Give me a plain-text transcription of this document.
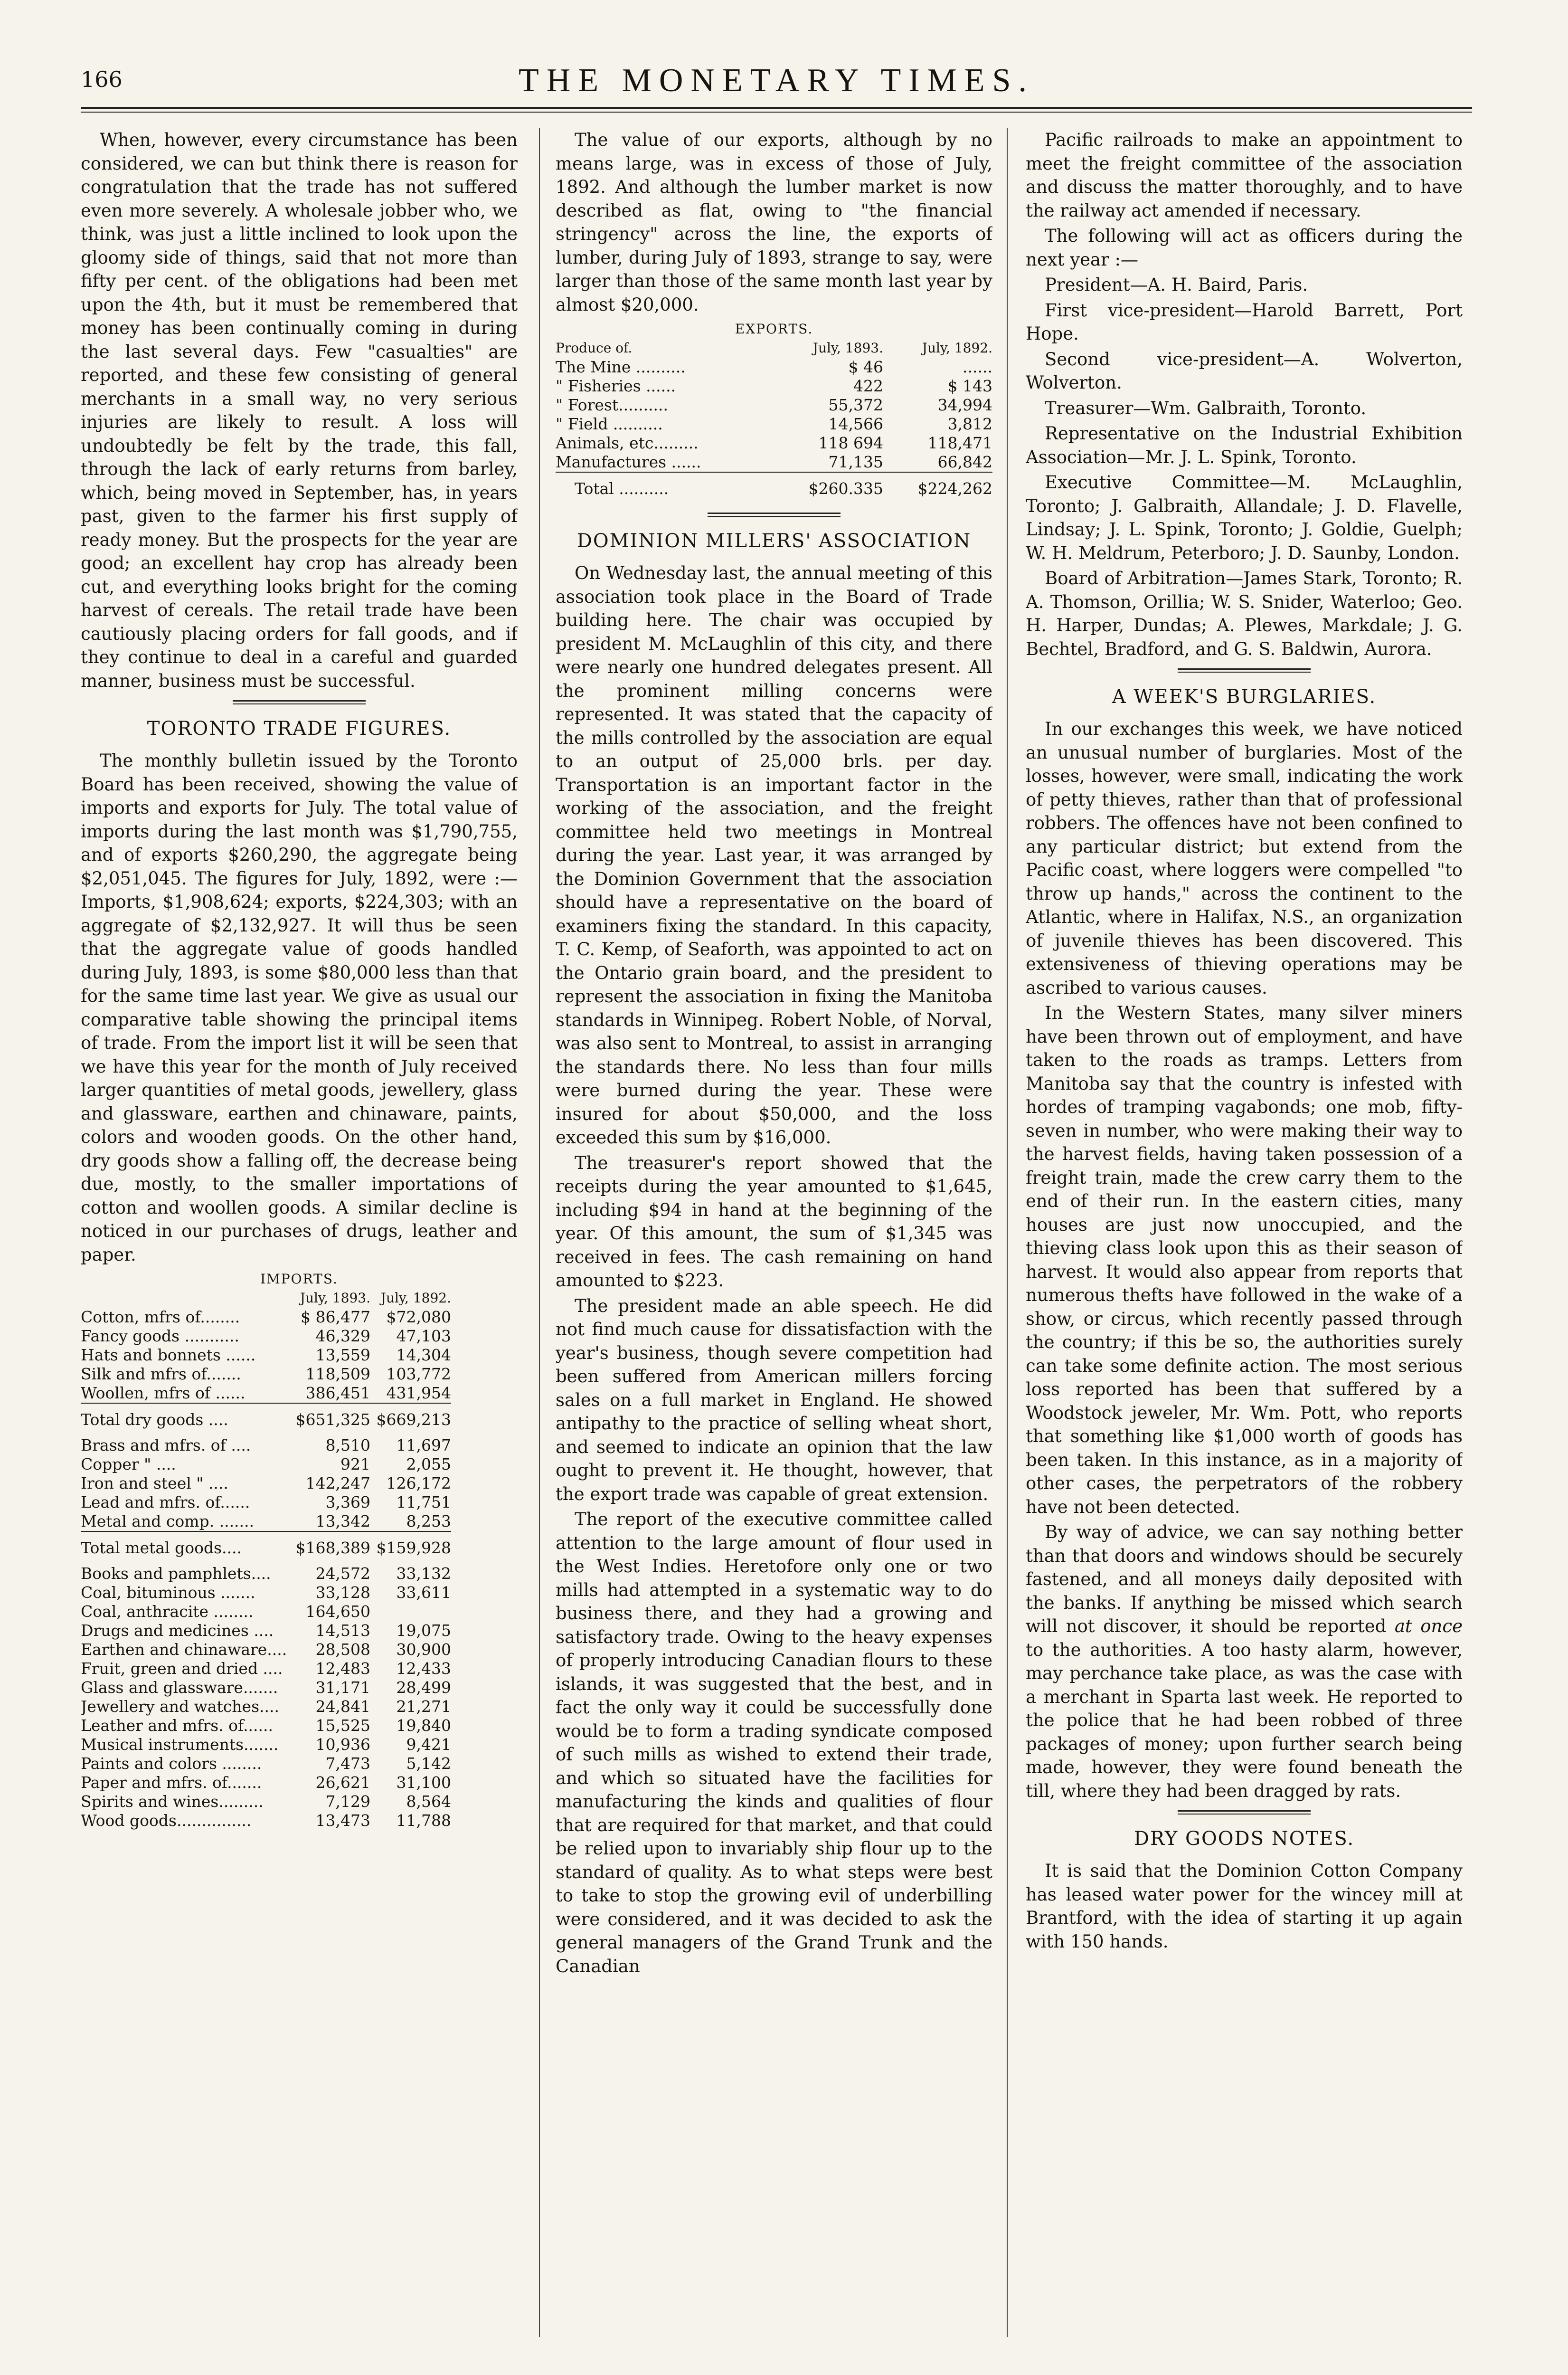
166	THE MONETARY TIMES.

When, however, every circumstance has been considered, we can but think there is reason for congratulation that the trade has not suffered even more severely. A wholesale jobber who, we think, was just a little inclined to look upon the gloomy side of things, said that not more than fifty per cent. of the obligations had been met upon the 4th, but it must be remembered that money has been continually coming in during the last several days. Few "casualties" are reported, and these few consisting of general merchants in a small way, no very serious injuries are likely to result. A loss will undoubtedly be felt by the trade, this fall, through the lack of early returns from barley, which, being moved in September, has, in years past, given to the farmer his first supply of ready money. But the prospects for the year are good; an excellent hay crop has already been cut, and everything looks bright for the coming harvest of cereals. The retail trade have been cautiously placing orders for fall goods, and if they continue to deal in a careful and guarded manner, business must be successful.

TORONTO TRADE FIGURES.

The monthly bulletin issued by the Toronto Board has been received, showing the value of imports and exports for July. The total value of imports during the last month was $1,790,755, and of exports $260,290, the aggregate being $2,051,045. The figures for July, 1892, were :—Imports, $1,908,624; exports, $224,303; with an aggregate of $2,132,927. It will thus be seen that the aggregate value of goods handled during July, 1893, is some $80,000 less than that for the same time last year. We give as usual our comparative table showing the principal items of trade. From the import list it will be seen that we have this year for the month of July received larger quantities of metal goods, jewellery, glass and glassware, earthen and chinaware, paints, colors and wooden goods. On the other hand, dry goods show a falling off, the decrease being due, mostly, to the smaller importations of cotton and woollen goods. A similar decline is noticed in our purchases of drugs, leather and paper.

IMPORTS.
	July, 1893.	July, 1892.
Cotton, mfrs of........	$ 86,477	$72,080
Fancy goods ...........	46,329	47,103
Hats and bonnets ......	13,559	14,304
Silk and mfrs of.......	118,509	103,772
Woollen, mfrs of ......	386,451	431,954
Total dry goods ....	$651,325	$669,213
Brass and mfrs. of ....	8,510	11,697
Copper " ....	921	2,055
Iron and steel " ....	142,247	126,172
Lead and mfrs. of......	3,369	11,751
Metal and comp. .......	13,342	8,253
Total metal goods....	$168,389	$159,928
Books and pamphlets....	24,572	33,132
Coal, bituminous .......	33,128	33,611
Coal, anthracite ........	164,650	
Drugs and medicines ....	14,513	19,075
Earthen and chinaware....	28,508	30,900
Fruit, green and dried ....	12,483	12,433
Glass and glassware.......	31,171	28,499
Jewellery and watches....	24,841	21,271
Leather and mfrs. of......	15,525	19,840
Musical instruments.......	10,936	9,421
Paints and colors ........	7,473	5,142
Paper and mfrs. of.......	26,621	31,100
Spirits and wines.........	7,129	8,564
Wood goods...............	13,473	11,788

The value of our exports, although by no means large, was in excess of those of July, 1892. And although the lumber market is now described as flat, owing to "the financial stringency" across the line, the exports of lumber, during July of 1893, strange to say, were larger than those of the same month last year by almost $20,000.

EXPORTS.
Produce of.	July, 1893.	July, 1892.
The Mine ..........	$ 46	......
" Fisheries ......	422	$ 143
" Forest..........	55,372	34,994
" Field ..........	14,566	3,812
Animals, etc.........	118 694	118,471
Manufactures ......	71,135	66,842
Total ..........	$260.335	$224,262
DOMINION MILLERS' ASSOCIATION

On Wednesday last, the annual meeting of this association took place in the Board of Trade building here. The chair was occupied by president M. McLaughlin of this city, and there were nearly one hundred delegates present. All the prominent milling concerns were represented. It was stated that the capacity of the mills controlled by the association are equal to an output of 25,000 brls. per day. Transportation is an important factor in the working of the association, and the freight committee held two meetings in Montreal during the year. Last year, it was arranged by the Dominion Government that the association should have a representative on the board of examiners fixing the standard. In this capacity, T. C. Kemp, of Seaforth, was appointed to act on the Ontario grain board, and the president to represent the association in fixing the Manitoba standards in Winnipeg. Robert Noble, of Norval, was also sent to Montreal, to assist in arranging the standards there. No less than four mills were burned during the year. These were insured for about $50,000, and the loss exceeded this sum by $16,000.

The treasurer's report showed that the receipts during the year amounted to $1,645, including $94 in hand at the beginning of the year. Of this amount, the sum of $1,345 was received in fees. The cash remaining on hand amounted to $223.

The president made an able speech. He did not find much cause for dissatisfaction with the year's business, though severe competition had been suffered from American millers forcing sales on a full market in England. He showed antipathy to the practice of selling wheat short, and seemed to indicate an opinion that the law ought to prevent it. He thought, however, that the export trade was capable of great extension.

The report of the executive committee called attention to the large amount of flour used in the West Indies. Heretofore only one or two mills had attempted in a systematic way to do business there, and they had a growing and satisfactory trade. Owing to the heavy expenses of properly introducing Canadian flours to these islands, it was suggested that the best, and in fact the only way it could be successfully done would be to form a trading syndicate composed of such mills as wished to extend their trade, and which so situated have the facilities for manufacturing the kinds and qualities of flour that are required for that market, and that could be relied upon to invariably ship flour up to the standard of quality. As to what steps were best to take to stop the growing evil of underbilling were considered, and it was decided to ask the general managers of the Grand Trunk and the Canadian

Pacific railroads to make an appointment to meet the freight committee of the association and discuss the matter thoroughly, and to have the railway act amended if necessary.

The following will act as officers during the next year :—

President—A. H. Baird, Paris.

First vice-president—Harold Barrett, Port Hope.

Second vice-president—A. Wolverton, Wolverton.

Treasurer—Wm. Galbraith, Toronto.

Representative on the Industrial Exhibition Association—Mr. J. L. Spink, Toronto.

Executive Committee—M. McLaughlin, Toronto; J. Galbraith, Allandale; J. D. Flavelle, Lindsay; J. L. Spink, Toronto; J. Goldie, Guelph; W. H. Meldrum, Peterboro; J. D. Saunby, London.

Board of Arbitration—James Stark, Toronto; R. A. Thomson, Orillia; W. S. Snider, Waterloo; Geo. H. Harper, Dundas; A. Plewes, Markdale; J. G. Bechtel, Bradford, and G. S. Baldwin, Aurora.

A WEEK'S BURGLARIES.

In our exchanges this week, we have noticed an unusual number of burglaries. Most of the losses, however, were small, indicating the work of petty thieves, rather than that of professional robbers. The offences have not been confined to any particular district; but extend from the Pacific coast, where loggers were compelled "to throw up hands," across the continent to the Atlantic, where in Halifax, N.S., an organization of juvenile thieves has been discovered. This extensiveness of thieving operations may be ascribed to various causes.

In the Western States, many silver miners have been thrown out of employment, and have taken to the roads as tramps. Letters from Manitoba say that the country is infested with hordes of tramping vagabonds; one mob, fifty-seven in number, who were making their way to the harvest fields, having taken possession of a freight train, made the crew carry them to the end of their run. In the eastern cities, many houses are just now unoccupied, and the thieving class look upon this as their season of harvest. It would also appear from reports that numerous thefts have followed in the wake of a show, or circus, which recently passed through the country; if this be so, the authorities surely can take some definite action. The most serious loss reported has been that suffered by a Woodstock jeweler, Mr. Wm. Pott, who reports that something like $1,000 worth of goods has been taken. In this instance, as in a majority of other cases, the perpetrators of the robbery have not been detected.

By way of advice, we can say nothing better than that doors and windows should be securely fastened, and all moneys daily deposited with the banks. If anything be missed which search will not discover, it should be reported at once to the authorities. A too hasty alarm, however, may perchance take place, as was the case with a merchant in Sparta last week. He reported to the police that he had been robbed of three packages of money; upon further search being made, however, they were found beneath the till, where they had been dragged by rats.

DRY GOODS NOTES.

It is said that the Dominion Cotton Company has leased water power for the wincey mill at Brantford, with the idea of starting it up again with 150 hands.
